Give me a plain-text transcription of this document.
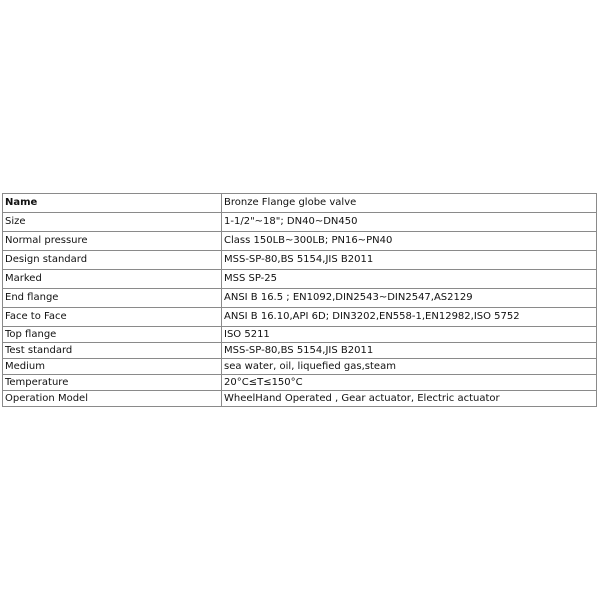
Name	Bronze Flange globe valve
Size	1-1/2"~18"; DN40~DN450
Normal pressure	Class 150LB~300LB; PN16~PN40
Design standard	MSS-SP-80,BS 5154,JIS B2011
Marked	MSS SP-25
End flange	ANSI B 16.5 ; EN1092,DIN2543~DIN2547,AS2129
Face to Face	ANSI B 16.10,API 6D; DIN3202,EN558-1,EN12982,ISO 5752
Top flange	ISO 5211
Test standard	MSS-SP-80,BS 5154,JIS B2011
Medium	sea water, oil, liquefied gas,steam
Temperature	20°C≤T≤150°C
Operation Model	WheelHand Operated , Gear actuator, Electric actuator
